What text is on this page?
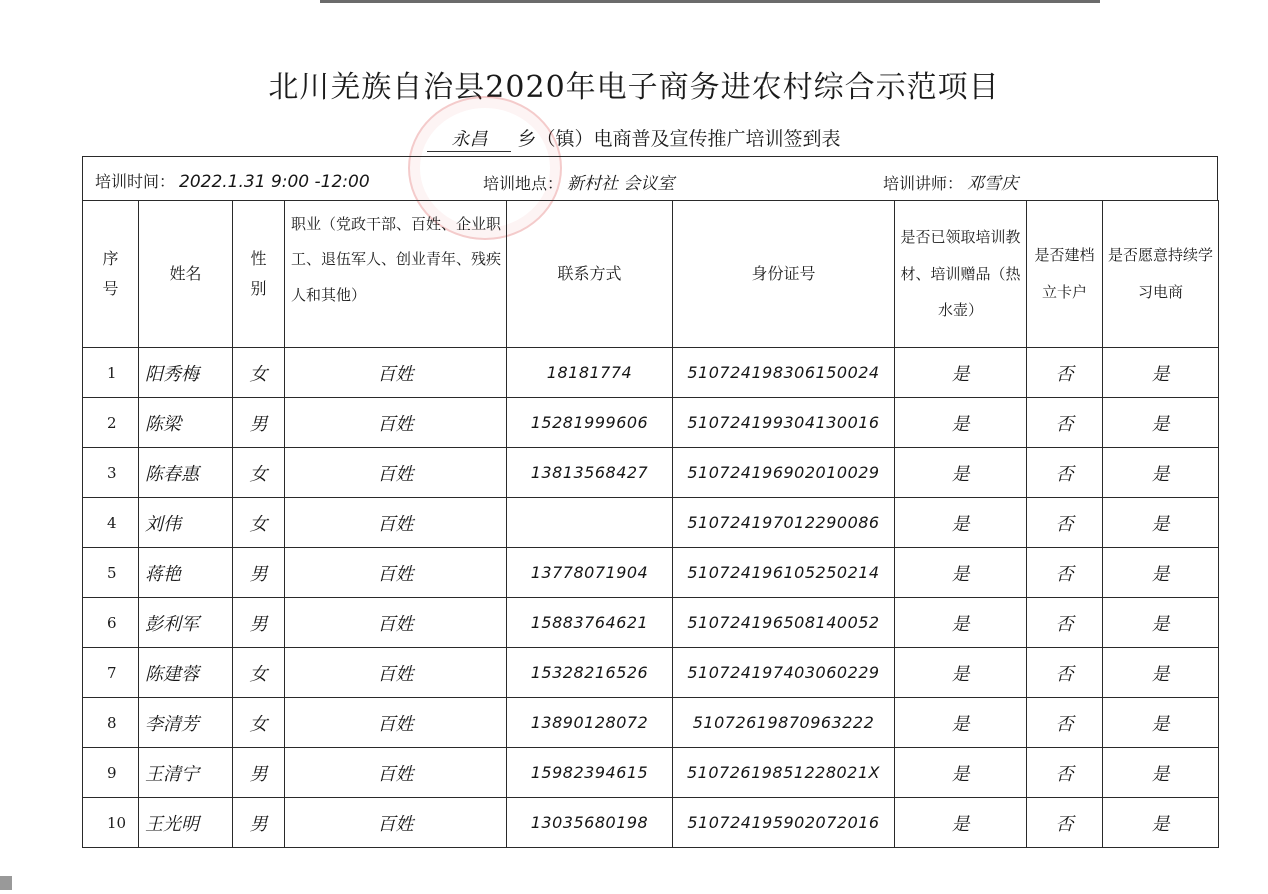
北川羌族自治县2020年电子商务进农村综合示范项目
永昌 乡（镇）电商普及宣传推广培训签到表
培训时间： 2022.1.31 9:00 -12:00	培训地点： 新村社 会议室	培训讲师： 邓雪庆
序号	姓名	性别	职业（党政干部、百姓、企业职工、退伍军人、创业青年、残疾人和其他）	联系方式	身份证号	是否已领取培训教材、培训赠品（热水壶）	是否建档立卡户	是否愿意持续学习电商
1	阳秀梅	女	百姓	18181774	510724198306150024	是	否	是
2	陈梁	男	百姓	15281999606	510724199304130016	是	否	是
3	陈春惠	女	百姓	13813568427	510724196902010029	是	否	是
4	刘伟	女	百姓		510724197012290086	是	否	是
5	蒋艳	男	百姓	13778071904	510724196105250214	是	否	是
6	彭利军	男	百姓	15883764621	510724196508140052	是	否	是
7	陈建蓉	女	百姓	15328216526	510724197403060229	是	否	是
8	李清芳	女	百姓	13890128072	51072619870963222	是	否	是
9	王清宁	男	百姓	15982394615	51072619851228021X	是	否	是
10	王光明	男	百姓	13035680198	510724195902072016	是	否	是
